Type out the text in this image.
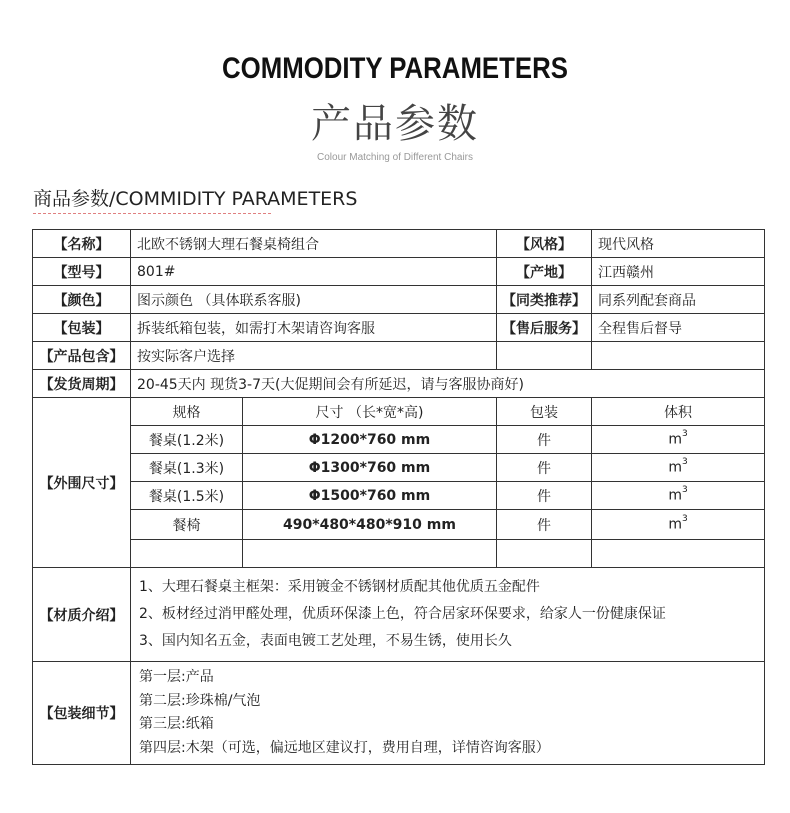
COMMODITY PARAMETERS
产品参数
Colour Matching of Different Chairs
商品参数/COMMIDITY PARAMETERS
【名称】	北欧不锈钢大理石餐桌椅组合		【风格】	现代风格
【型号】	801#		【产地】	江西赣州
【颜色】	图示颜色 （具体联系客服)		【同类推荐】	同系列配套商品
【包装】	拆装纸箱包装，如需打木架请咨询客服		【售后服务】	全程售后督导
【产品包含】	按实际客户选择			
【发货周期】	20-45天内 现货3-7天(大促期间会有所延迟，请与客服协商好)			
【外围尺寸】	规格	尺寸 （长*宽*高)	包装	体积
	餐桌(1.2米)	Φ1200*760 mm	件	$m^3$
	餐桌(1.3米)	Φ1300*760 mm	件	$m^3$
	餐桌(1.5米)	Φ1500*760 mm	件	$m^3$
	餐椅	490*480*480*910 mm	件	$m^3$

【材质介绍】	1、大理石餐桌主框架：采用镀金不锈钢材质配其他优质五金配件
2、板材经过消甲醛处理，优质环保漆上色，符合居家环保要求，给家人一份健康保证
3、国内知名五金，表面电镀工艺处理，不易生锈，使用长久			

【包装细节】	第一层:产品
第二层:珍珠棉/气泡
第三层:纸箱
第四层:木架（可选，偏远地区建议打，费用自理，详情咨询客服）			
